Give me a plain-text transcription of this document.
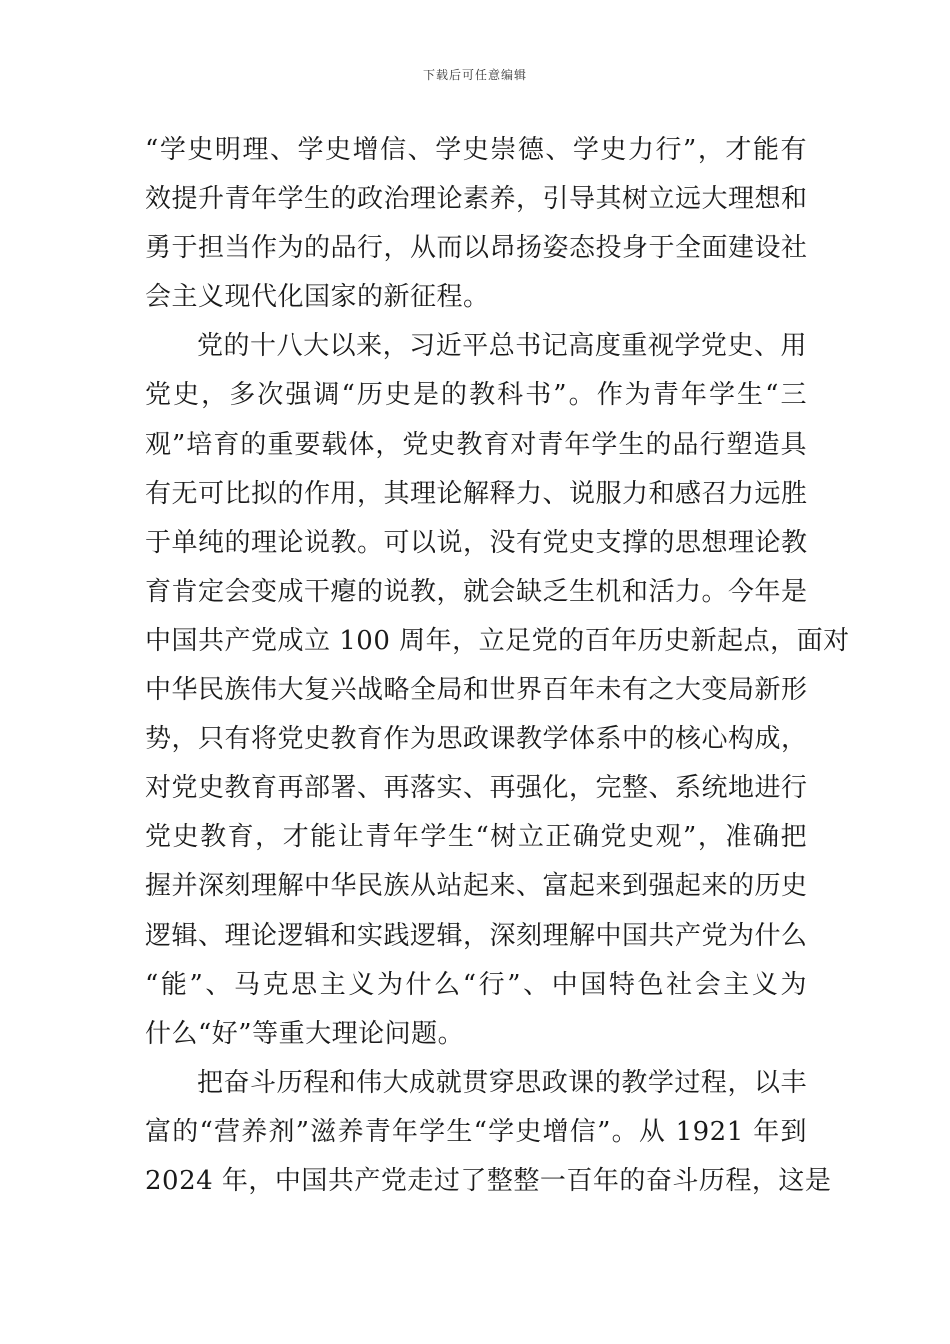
下载后可任意编辑
“学史明理、学史增信、学史崇德、学史力行”，才能有
效提升青年学生的政治理论素养，引导其树立远大理想和
勇于担当作为的品行，从而以昂扬姿态投身于全面建设社
会主义现代化国家的新征程。
党的十八大以来，习近平总书记高度重视学党史、用
党史，多次强调“历史是的教科书”。作为青年学生“三
观”培育的重要载体，党史教育对青年学生的品行塑造具
有无可比拟的作用，其理论解释力、说服力和感召力远胜
于单纯的理论说教。可以说，没有党史支撑的思想理论教
育肯定会变成干瘪的说教，就会缺乏生机和活力。今年是
中国共产党成立 100 周年，立足党的百年历史新起点，面对
中华民族伟大复兴战略全局和世界百年未有之大变局新形
势，只有将党史教育作为思政课教学体系中的核心构成，
对党史教育再部署、再落实、再强化，完整、系统地进行
党史教育，才能让青年学生“树立正确党史观”，准确把
握并深刻理解中华民族从站起来、富起来到强起来的历史
逻辑、理论逻辑和实践逻辑，深刻理解中国共产党为什么
“能”、马克思主义为什么“行”、中国特色社会主义为
什么“好”等重大理论问题。
把奋斗历程和伟大成就贯穿思政课的教学过程，以丰
富的“营养剂”滋养青年学生“学史增信”。从 1921 年到
2024 年，中国共产党走过了整整一百年的奋斗历程，这是
